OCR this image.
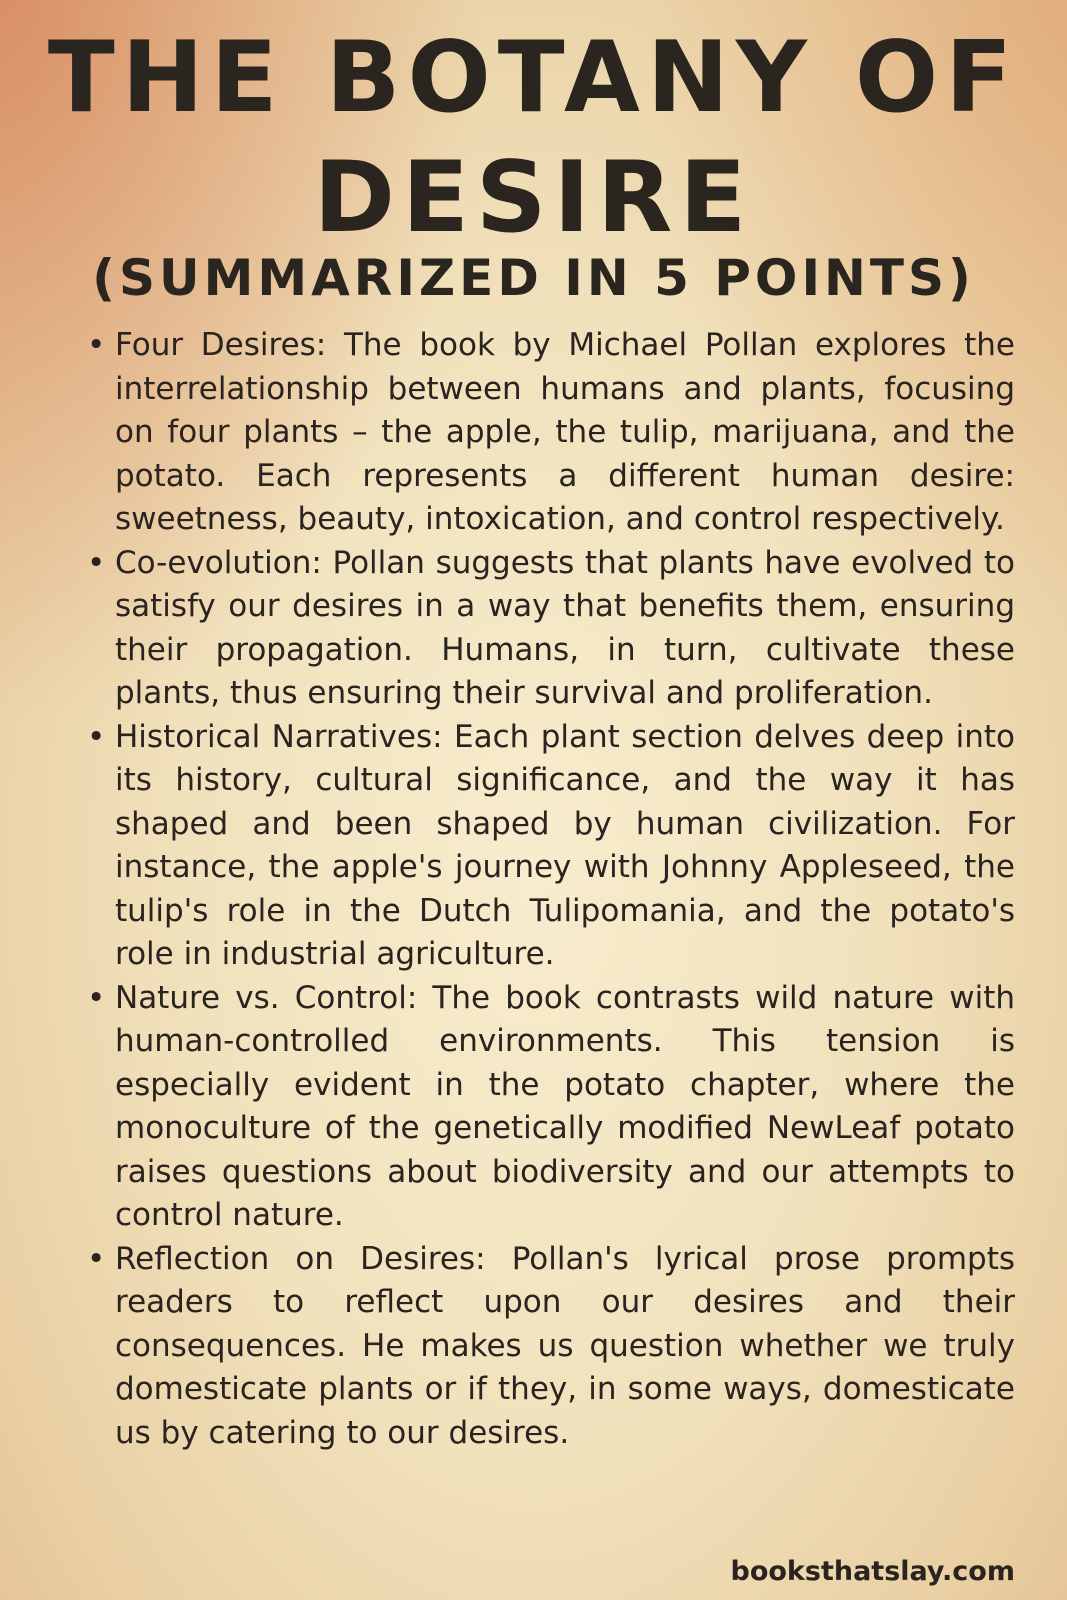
THE BOTANY OF
DESIRE
(SUMMARIZED IN 5 POINTS)
• Four Desires: The book by Michael Pollan explores the interrelationship between humans and plants, focusing on four plants – the apple, the tulip, marijuana, and the potato. Each represents a different human desire: sweetness, beauty, intoxication, and control respectively.
• Co-evolution: Pollan suggests that plants have evolved to satisfy our desires in a way that benefits them, ensuring their propagation. Humans, in turn, cultivate these plants, thus ensuring their survival and proliferation.
• Historical Narratives: Each plant section delves deep into its history, cultural significance, and the way it has shaped and been shaped by human civilization. For instance, the apple's journey with Johnny Appleseed, the tulip's role in the Dutch Tulipomania, and the potato's role in industrial agriculture.
• Nature vs. Control: The book contrasts wild nature with human-controlled environments. This tension is especially evident in the potato chapter, where the monoculture of the genetically modified NewLeaf potato raises questions about biodiversity and our attempts to control nature.
• Reflection on Desires: Pollan's lyrical prose prompts readers to reflect upon our desires and their consequences. He makes us question whether we truly domesticate plants or if they, in some ways, domesticate us by catering to our desires.
booksthatslay.com
